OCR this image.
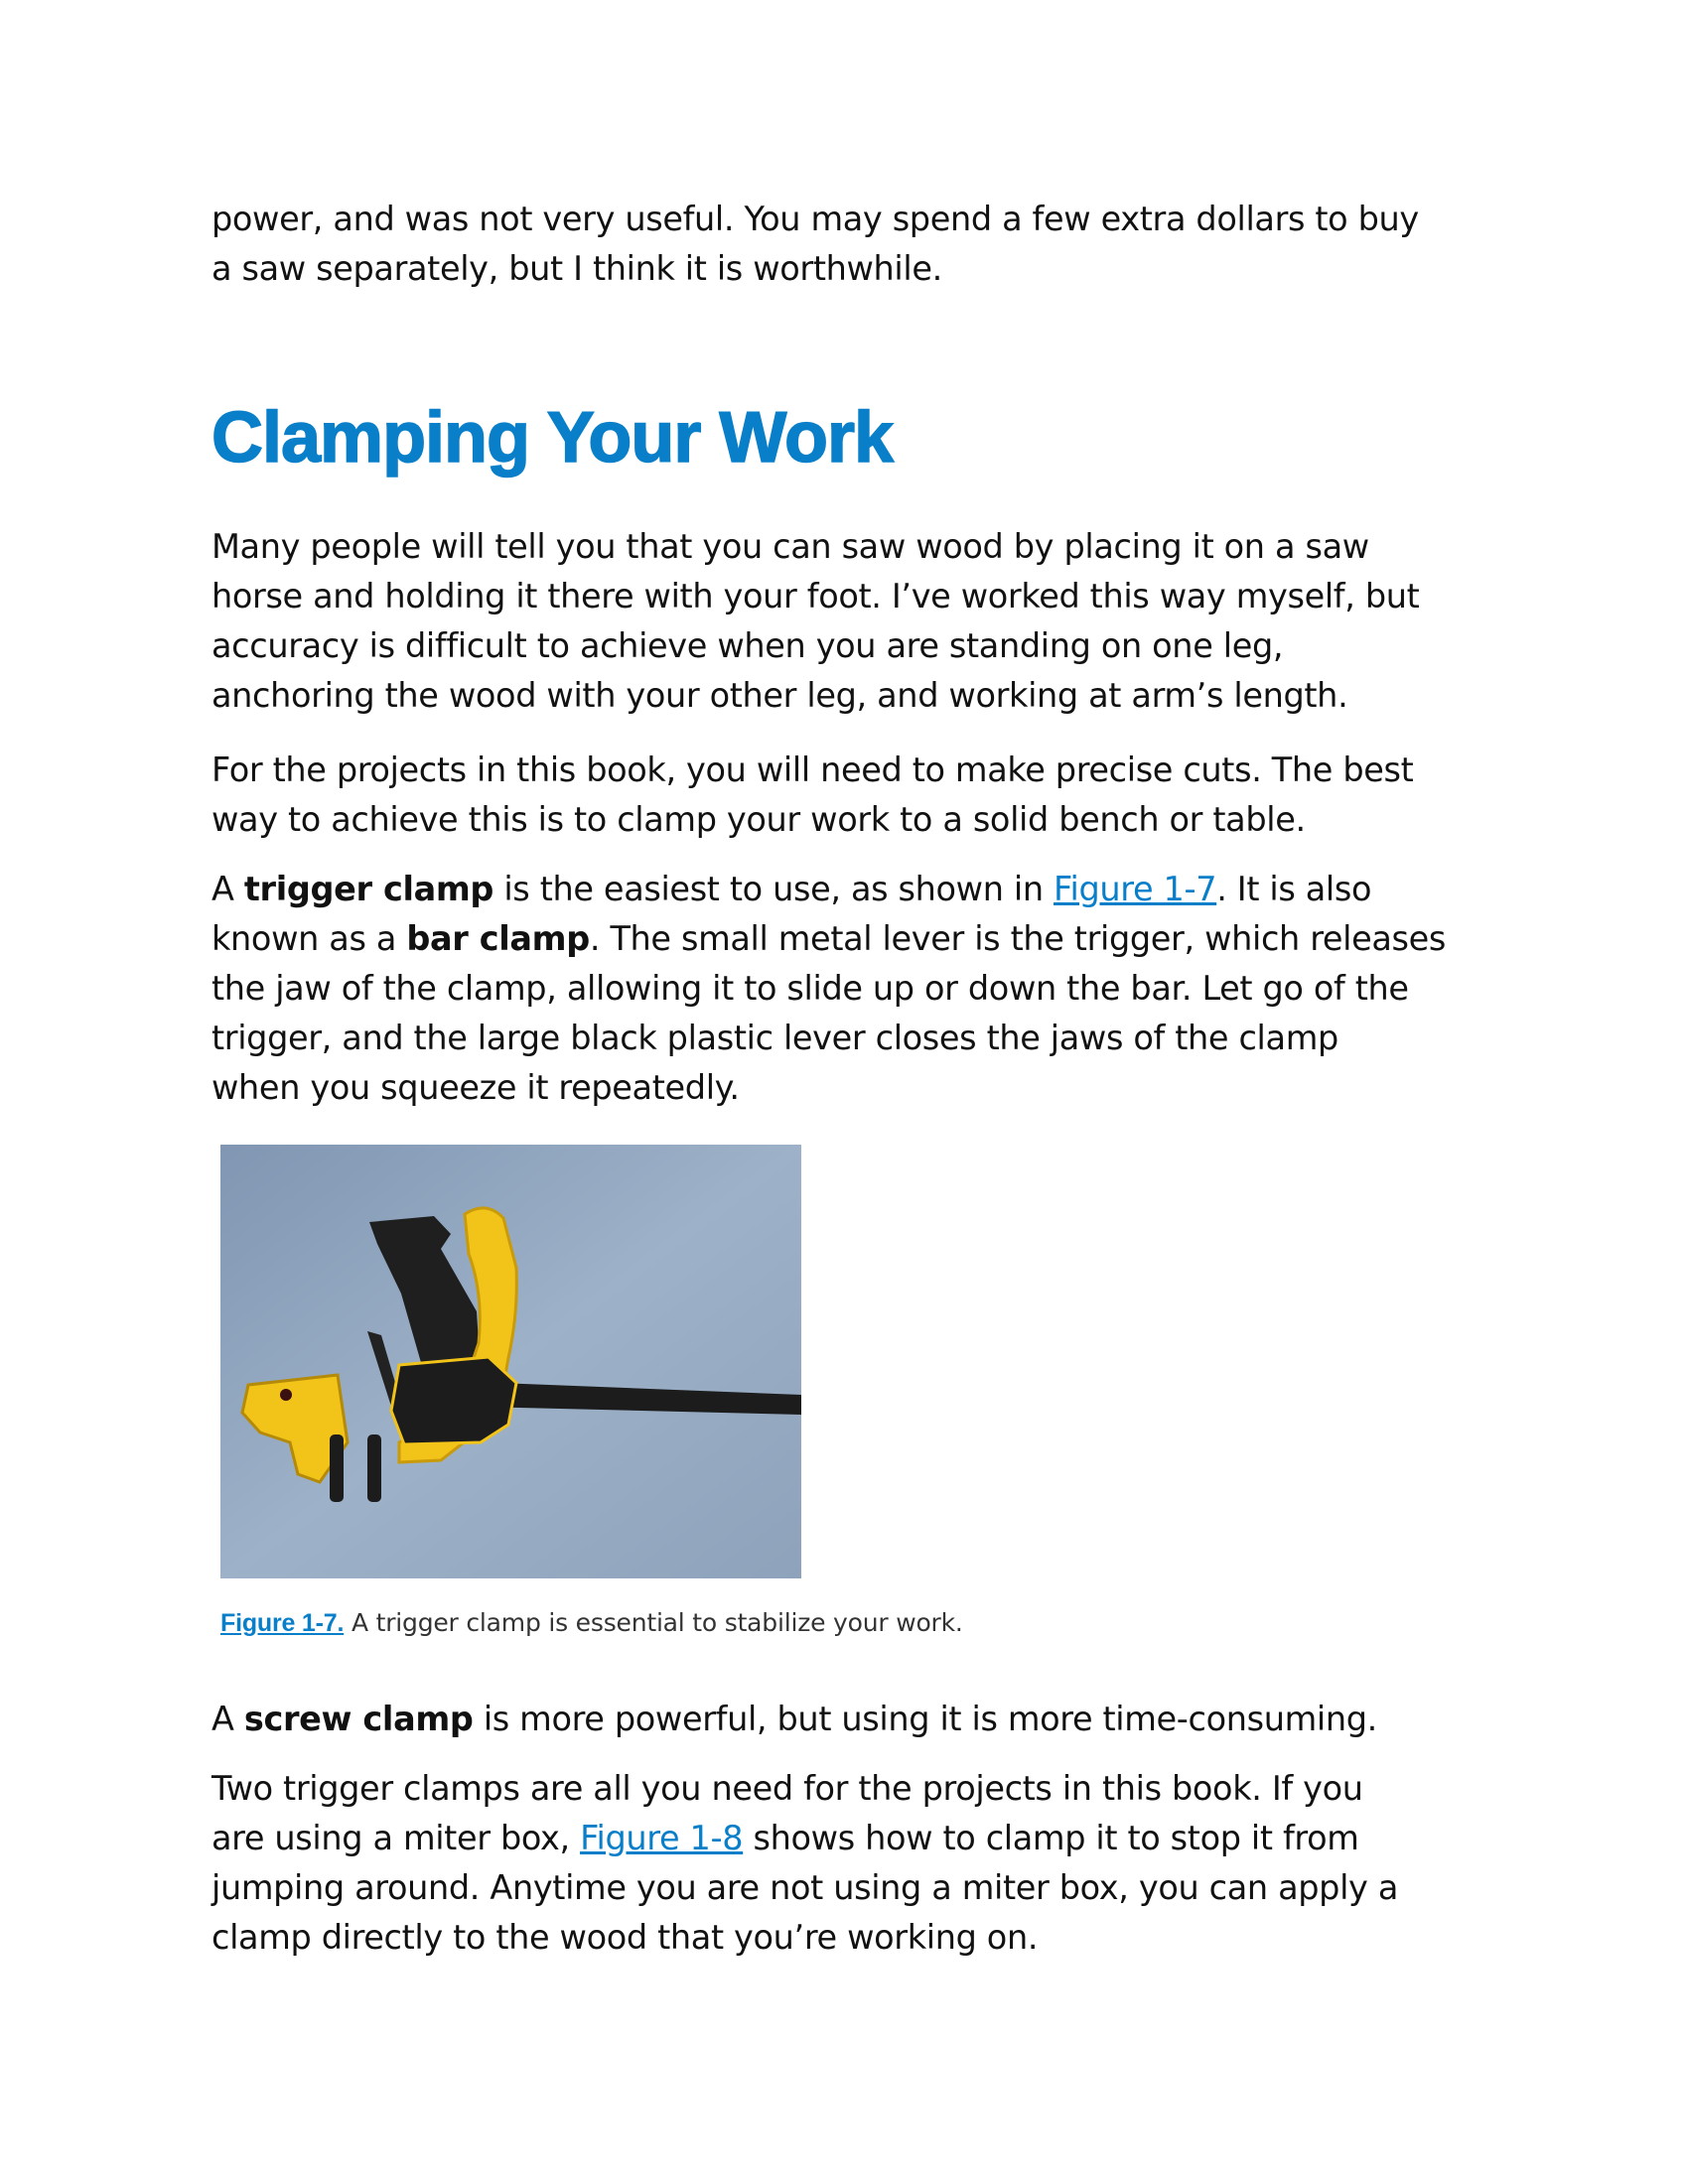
power, and was not very useful. You may spend a few extra dollars to buy
a saw separately, but I think it is worthwhile.

Clamping Your Work

Many people will tell you that you can saw wood by placing it on a saw
horse and holding it there with your foot. I’ve worked this way myself, but
accuracy is difficult to achieve when you are standing on one leg,
anchoring the wood with your other leg, and working at arm’s length.

For the projects in this book, you will need to make precise cuts. The best
way to achieve this is to clamp your work to a solid bench or table.

A trigger clamp is the easiest to use, as shown in Figure 1-7. It is also
known as a bar clamp. The small metal lever is the trigger, which releases
the jaw of the clamp, allowing it to slide up or down the bar. Let go of the
trigger, and the large black plastic lever closes the jaws of the clamp
when you squeeze it repeatedly.

Figure 1-7. A trigger clamp is essential to stabilize your work.

A screw clamp is more powerful, but using it is more time-consuming.

Two trigger clamps are all you need for the projects in this book. If you
are using a miter box, Figure 1-8 shows how to clamp it to stop it from
jumping around. Anytime you are not using a miter box, you can apply a
clamp directly to the wood that you’re working on.
